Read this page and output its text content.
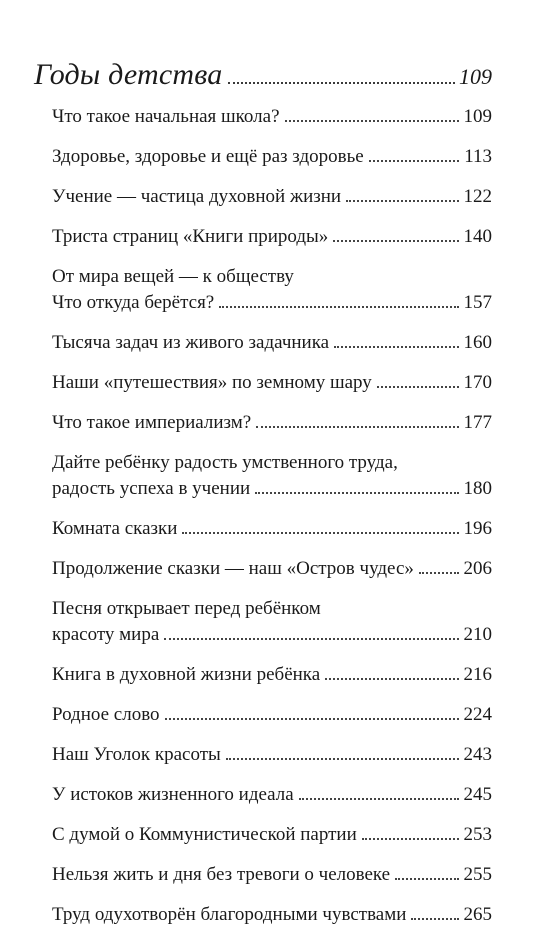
Годы детства	109
Что такое начальная школа?	109
Здоровье, здоровье и ещё раз здоровье	113
Учение — частица духовной жизни	122
Триста страниц «Книги природы»	140
От мира вещей — к обществу
Что откуда берётся?	157
Тысяча задач из живого задачника	160
Наши «путешествия» по земному шару	170
Что такое империализм?	177
Дайте ребёнку радость умственного труда,
радость успеха в учении	180
Комната сказки	196
Продолжение сказки — наш «Остров чудес»	206
Песня открывает перед ребёнком
красоту мира	210
Книга в духовной жизни ребёнка	216
Родное слово	224
Наш Уголок красоты	243
У истоков жизненного идеала	245
С думой о Коммунистической партии	253
Нельзя жить и дня без тревоги о человеке	255
Труд одухотворён благородными чувствами	265
